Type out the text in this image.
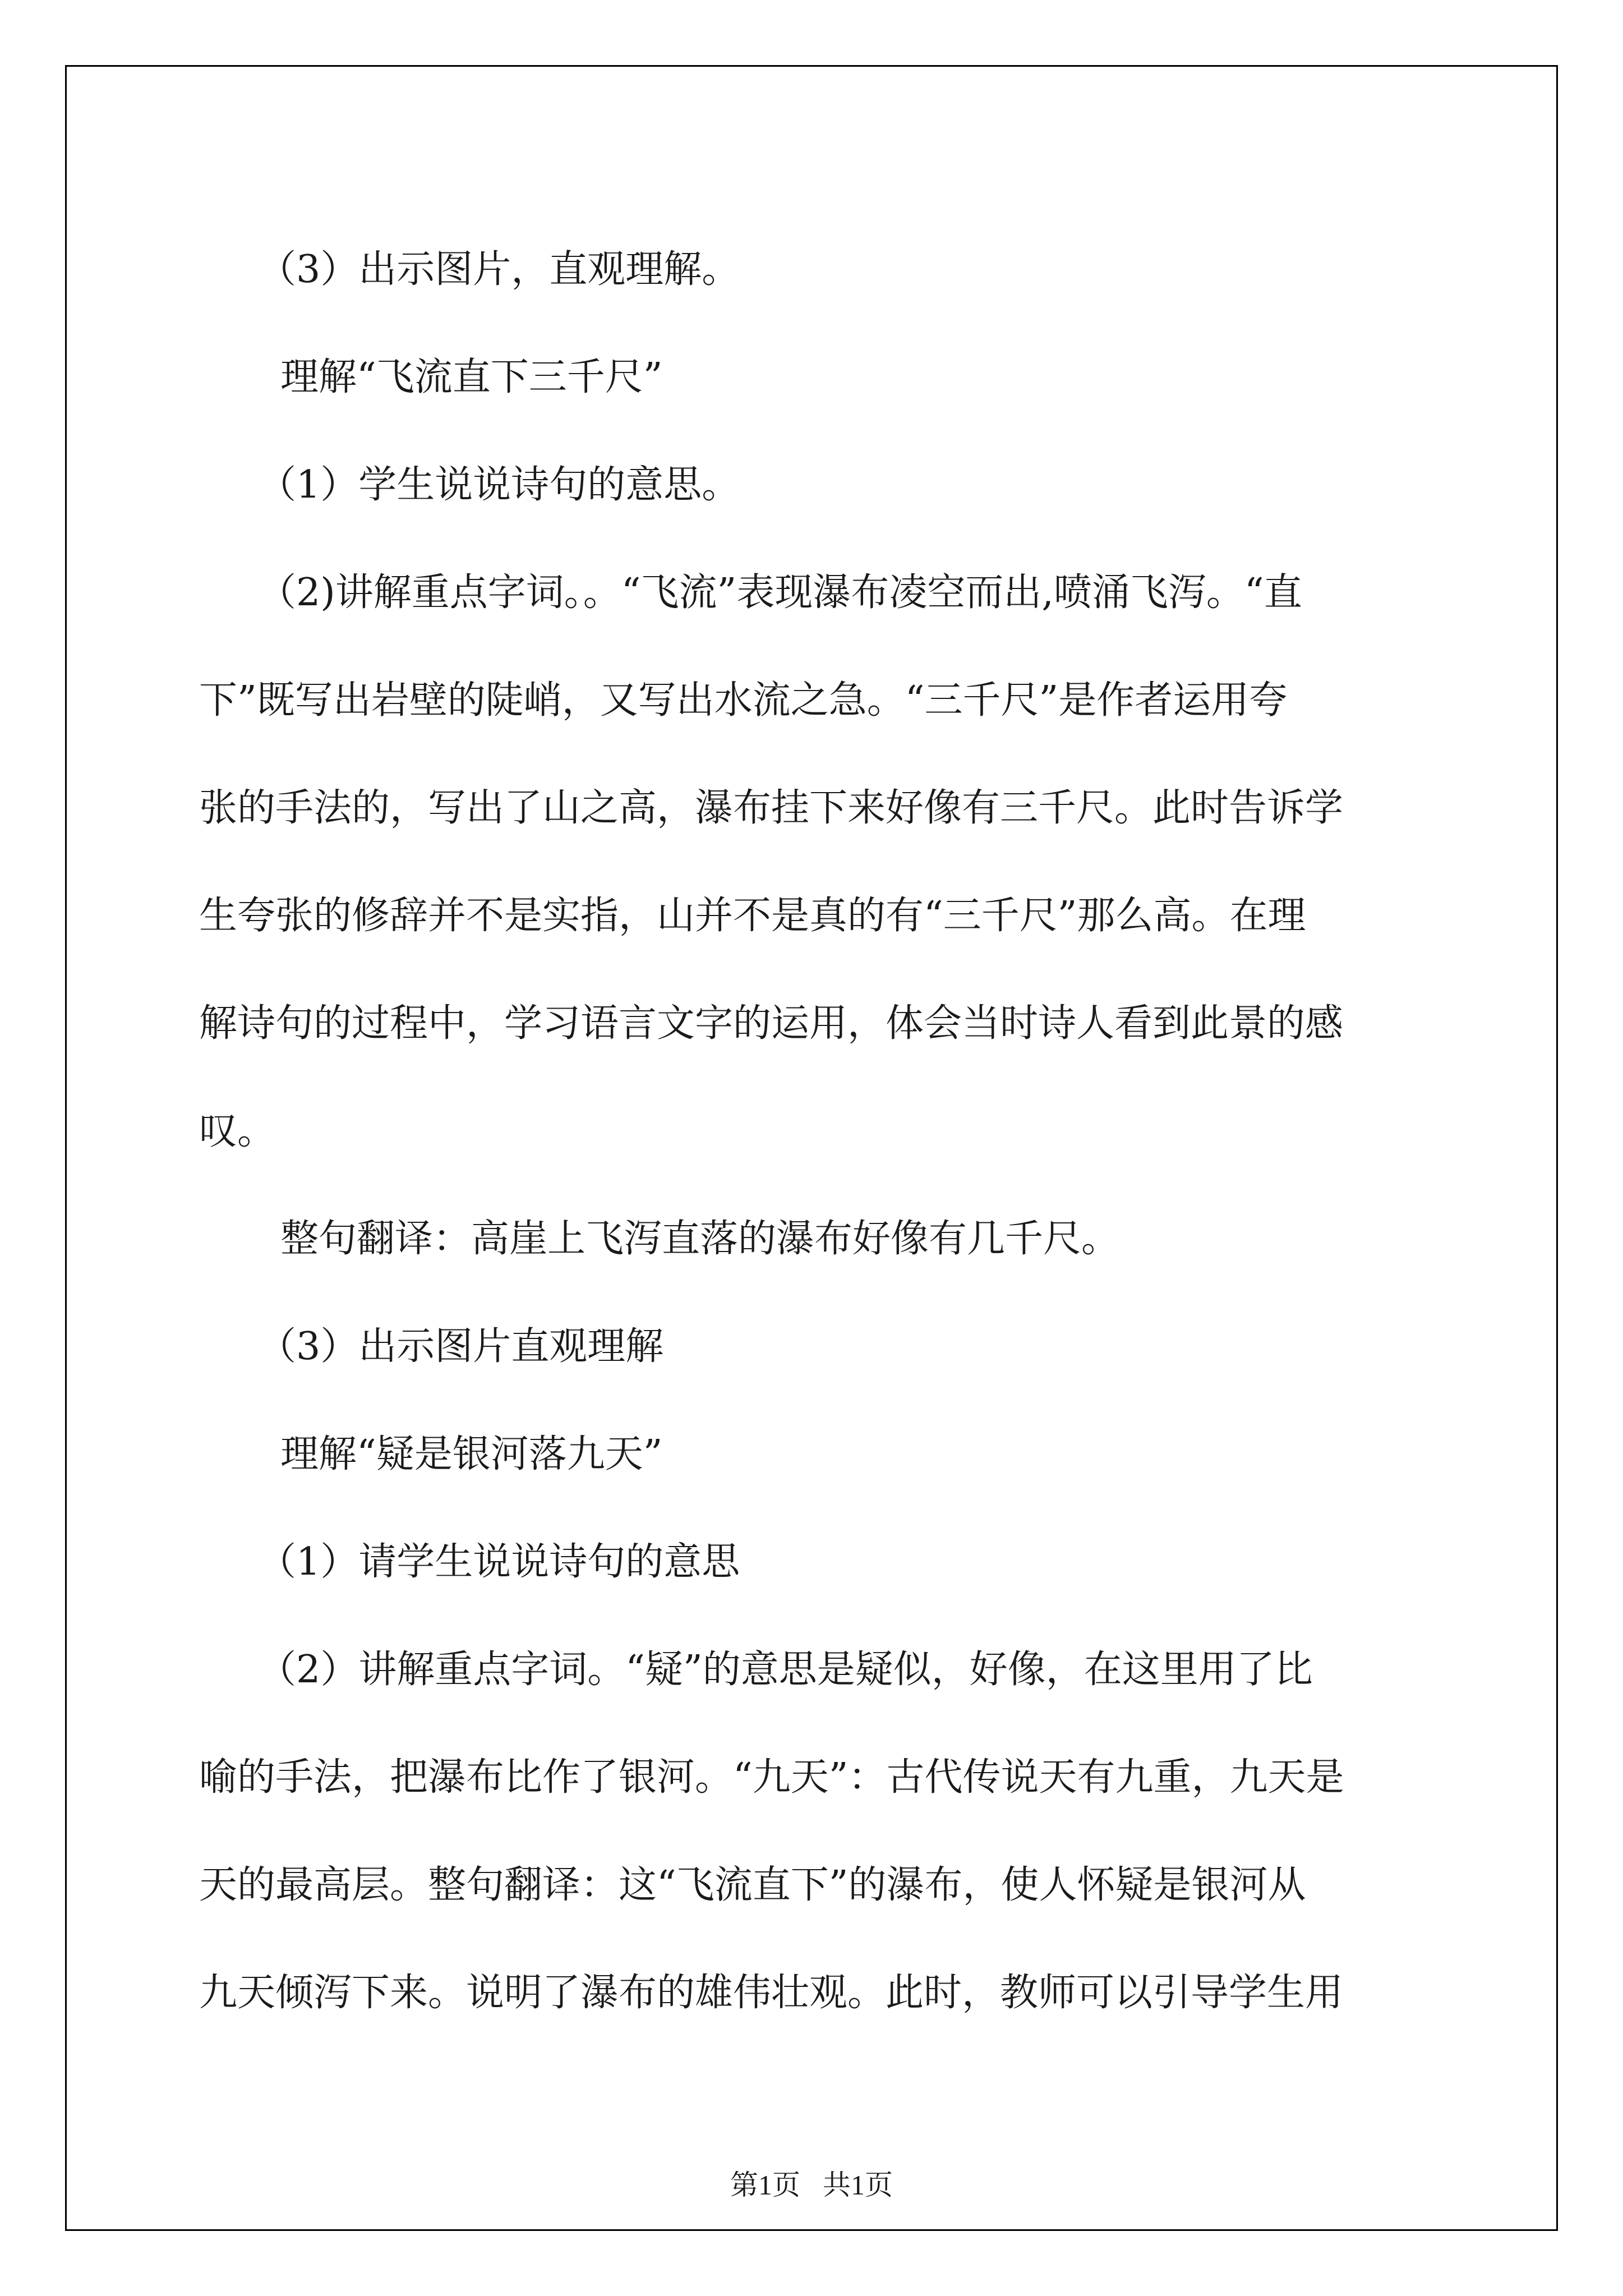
（3）出示图片，直观理解。

理解“飞流直下三千尺”

（1）学生说说诗句的意思。

（2)讲解重点字词。。“飞流”表现瀑布凌空而出,喷涌飞泻。“直

下”既写出岩壁的陡峭，又写出水流之急。“三千尺”是作者运用夸

张的手法的，写出了山之高，瀑布挂下来好像有三千尺。此时告诉学

生夸张的修辞并不是实指，山并不是真的有“三千尺”那么高。在理

解诗句的过程中，学习语言文字的运用，体会当时诗人看到此景的感

叹。

整句翻译：高崖上飞泻直落的瀑布好像有几千尺。

（3）出示图片直观理解

理解“疑是银河落九天”

（1）请学生说说诗句的意思

（2）讲解重点字词。“疑”的意思是疑似，好像，在这里用了比

喻的手法，把瀑布比作了银河。“九天”：古代传说天有九重，九天是

天的最高层。整句翻译：这“飞流直下”的瀑布，使人怀疑是银河从

九天倾泻下来。说明了瀑布的雄伟壮观。此时，教师可以引导学生用

第1页 共1页
